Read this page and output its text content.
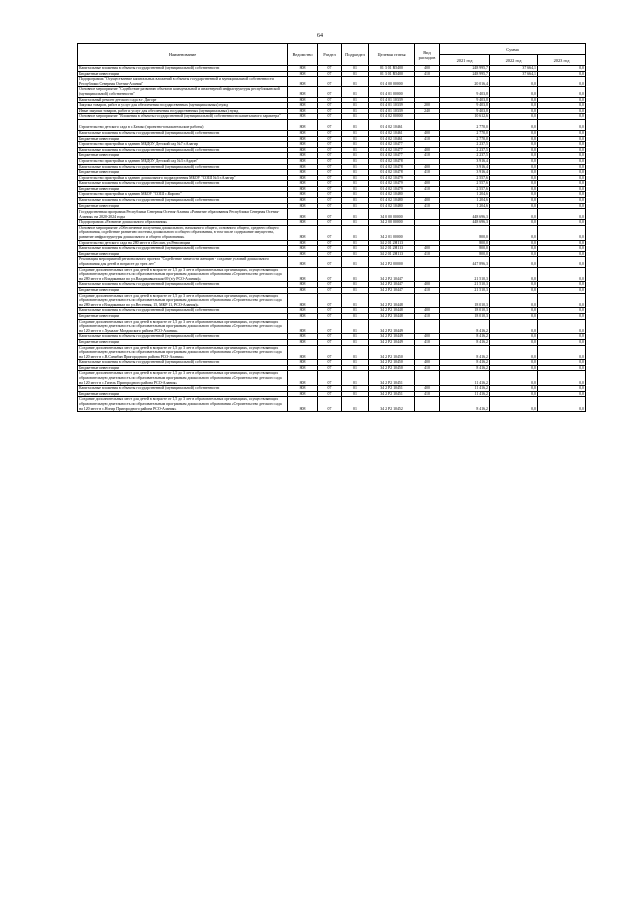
64
Наименование	Ведомство	Раздел	Подраздел	Целевая статья	Вид расходов	Сумма		
						2021 год	2022 год	2023 год
Капитальные вложения в объекты государственной (муниципальной) собственности	808	07	01	01 3 01 R5400	400	248 995,7	37 664,1	0,0
Бюджетные инвестиции	808	07	01	01 3 01 R5400	410	248 995,7	37 664,1	0,0
Подпрограмма "Осуществление капитальных вложений в объекты государственной и муниципальной собственности Республики Северная Осетия-Алания"	808	07	01	01 4 00 00000		20 016,4	0,0	0,0
Основное мероприятие "Содействие развитию объектов коммунальной и инженерной инфраструктуры республиканской (муниципальной) собственности"	808	07	01	01 4 01 00000		9 403,8	0,0	0,0
Капитальный ремонт детского сада в г. Дигоре	808	07	01	01 4 01 10339		9 403,8	0,0	0,0
Закупка товаров, работ и услуг для обеспечения государственных (муниципальных) нужд	808	07	01	01 4 01 10339	200	9 403,8	0,0	0,0
Иные закупки товаров, работ и услуг для обеспечения государственных (муниципальных) нужд	808	07	01	01 4 01 10339	240	9 403,8	0,0	0,0
Основное мероприятие "Вложения в объекты государственной (муниципальной) собственности капитального характера"	808	07	01	01 4 02 00000		10 612,6	0,0	0,0
Строительство детского сада в с.Батако (проектно-изыскательские работы)	808	07	01	01 4 02 10461		2 770,0	0,0	0,0
Капитальные вложения в объекты государственной (муниципальной) собственности	808	07	01	01 4 02 10461	400	2 770,0	0,0	0,0
Бюджетные инвестиции	808	07	01	01 4 02 10461	410	2 770,0	0,0	0,0
Строительство пристройки к зданию МБДОУ Детский сад №7 г.Алагир	808	07	01	01 4 02 10477		2 237,5	0,0	0,0
Капитальные вложения в объекты государственной (муниципальной) собственности	808	07	01	01 4 02 10477	400	2 237,5	0,0	0,0
Бюджетные инвестиции	808	07	01	01 4 02 10477	410	2 237,5	0,0	0,0
Строительство пристройки к зданию МБДОУ Детский сад №3 г.Ардон"	808	07	01	01 4 02 10478		3 916,4	0,0	0,0
Капитальные вложения в объекты государственной (муниципальной) собственности	808	07	01	01 4 02 10478	400	3 916,4	0,0	0,0
Бюджетные инвестиции	808	07	01	01 4 02 10478	410	3 916,4	0,0	0,0
Строительство пристройки к зданию дошкольного подразделения МБОУ "СОШ №3 г.Алагир"	808	07	01	01 4 02 10479		2 557,6	0,0	0,0
Капитальные вложения в объекты государственной (муниципальной) собственности	808	07	01	01 4 02 10479	400	2 557,6	0,0	0,0
Бюджетные инвестиции	808	07	01	01 4 02 10479	410	2 557,6	0,0	0,0
Строительство пристройки к зданию МБОУ "СОШ с.Кирово"	808	07	01	01 4 02 10480		1 204,6	0,0	0,0
Капитальные вложения в объекты государственной (муниципальной) собственности	808	07	01	01 4 02 10480	400	1 204,6	0,0	0,0
Бюджетные инвестиции	808	07	01	01 4 02 10480	410	1 204,6	0,0	0,0
Государственная программа Республики Северная Осетия-Алания «Развитие образования Республики Северная Осетия-Алания» на 2020-2024 годы	808	07	01	34 0 00 00000		448 696,3	0,0	0,0
Подпрограмма «Развитие дошкольного образования»	808	07	01	34 2 00 00000		448 696,3	0,0	0,0
Основное мероприятие «Обеспечение получения дошкольного, начального общего, основного общего, среднего общего образования, содействие развитию системы дошкольного и общего образования, в том числе содержание имущества, развитие инфраструктуры дошкольного и общего образования»	808	07	01	34 2 01 00000		800,0	0,0	0,0
Строительство детского сада на 280 мест в г.Беслан, ул.Революции	808	07	01	34 2 01 2Н113		800,0	0,0	0,0
Капитальные вложения в объекты государственной (муниципальной) собственности	808	07	01	34 2 01 2Н113	400	800,0	0,0	0,0
Бюджетные инвестиции	808	07	01	34 2 01 2Н113	410	800,0	0,0	0,0
Реализация мероприятий регионального проекта "Содействие занятости женщин - создание условий дошкольного образования для детей в возрасте до трех лет"	808	07	01	34 2 P2 00000		447 896,3	0,0	0,0
Создание дополнительных мест для детей в возрасте от 1,5 до 3 лет в образовательных организациях, осуществляющих образовательную деятельность по образовательным программам дошкольного образования «Строительство детского сада на 280 мест в г.Владикавказ по ул.Владикавказская 69 (з/у РСО-Алания)»	808	07	01	34 2 P2 10447		21 510,3	0,0	0,0
Капитальные вложения в объекты государственной (муниципальной) собственности	808	07	01	34 2 P2 10447	400	21 510,3	0,0	0,0
Бюджетные инвестиции	808	07	01	34 2 P2 10447	410	21 510,3	0,0	0,0
Создание дополнительных мест для детей в возрасте от 1,5 до 3 лет в образовательных организациях, осуществляющих образовательную деятельность по образовательным программам дошкольного образования «Строительство детского сада на 280 мест в г.Владикавказ по ул.Весенняя, 15, МКР 11, РСО-Алания)»	808	07	01	34 2 P2 10448		18 010,3	0,0	0,0
Капитальные вложения в объекты государственной (муниципальной) собственности	808	07	01	34 2 P2 10448	400	18 010,3	0,0	0,0
Бюджетные инвестиции	808	07	01	34 2 P2 10448	410	18 010,3	0,0	0,0
Создание дополнительных мест для детей в возрасте от 1,5 до 3 лет в образовательных организациях, осуществляющих образовательную деятельность по образовательным программам дошкольного образования «Строительство детского сада на 120 мест в с.Хумалаг Моздокского района РСО-Алания»	808	07	01	34 2 P2 10449		8 416,2	0,0	0,0
Капитальные вложения в объекты государственной (муниципальной) собственности	808	07	01	34 2 P2 10449	400	8 416,2	0,0	0,0
Бюджетные инвестиции	808	07	01	34 2 P2 10449	410	8 416,2	0,0	0,0
Создание дополнительных мест для детей в возрасте от 1,5 до 3 лет в образовательных организациях, осуществляющих образовательную деятельность по образовательным программам дошкольного образования «Строительство детского сада на 120 мест в с.В.Санибан Пригородного района РСО-Алания»	808	07	01	34 2 P2 10450		8 416,2	0,0	0,0
Капитальные вложения в объекты государственной (муниципальной) собственности	808	07	01	34 2 P2 10450	400	8 416,2	0,0	0,0
Бюджетные инвестиции	808	07	01	34 2 P2 10450	410	8 416,2	0,0	0,0
Создание дополнительных мест для детей в возрасте от 1,5 до 3 лет в образовательных организациях, осуществляющих образовательную деятельность по образовательным программам дошкольного образования «Строительство детского сада на 120 мест в с.Гизель Пригородного района РСО-Алания»	808	07	01	34 2 P2 10451		11 416,2	0,0	0,0
Капитальные вложения в объекты государственной (муниципальной) собственности	808	07	01	34 2 P2 10451	400	11 416,2	0,0	0,0
Бюджетные инвестиции	808	07	01	34 2 P2 10451	410	11 416,2	0,0	0,0
Создание дополнительных мест для детей в возрасте от 1,5 до 3 лет в образовательных организациях, осуществляющих образовательную деятельность по образовательным программам дошкольного образования «Строительство детского сада на 120 мест в с.Ногир Пригородного района РСО-Алания»	808	07	01	34 2 P2 10452		8 416,2	0,0	0,0
